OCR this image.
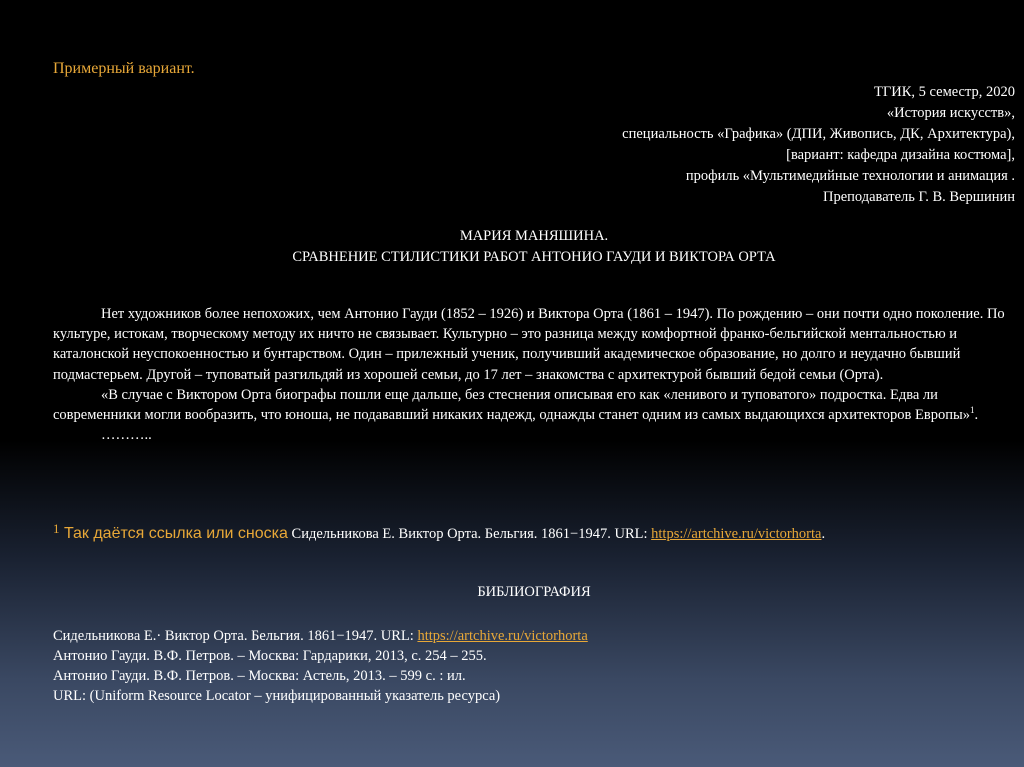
Примерный вариант.
ТГИК, 5 семестр, 2020
«История искусств»,
специальность «Графика» (ДПИ, Живопись, ДК, Архитектура),
[вариант: кафедра дизайна костюма],
профиль «Мультимедийные технологии и анимация .
Преподаватель Г. В. Вершинин
МАРИЯ МАНЯШИНА.
СРАВНЕНИЕ СТИЛИСТИКИ РАБОТ АНТОНИО ГАУДИ И ВИКТОРА ОРТА

Нет художников более непохожих, чем Антонио Гауди (1852 – 1926) и Виктора Орта (1861 – 1947). По рождению – они почти одно поколение. По культуре, истокам, творческому методу их ничто не связывает. Культурно – это разница между комфортной франко-бельгийской ментальностью и каталонской неуспокоенностью и бунтарством. Один – прилежный ученик, получивший академическое образование, но долго и неудачно бывший подмастерьем. Другой – туповатый разгильдяй из хорошей семьи, до 17 лет – знакомства с архитектурой бывший бедой семьи (Орта).

«В случае с Виктором Орта биографы пошли еще дальше, без стеснения описывая его как «ленивого и туповатого» подростка. Едва ли современники могли вообразить, что юноша, не подававший никаких надежд, однажды станет одним из самых выдающихся архитекторов Европы»$^1$.

………..

1 Так даётся ссылка или сноска Сидельникова Е. Виктор Орта. Бельгия. 1861−1947. URL: https://artchive.ru/victorhorta.
БИБЛИОГРАФИЯ
Сидельникова Е.· Виктор Орта. Бельгия. 1861−1947. URL: https://artchive.ru/victorhorta
Антонио Гауди. В.Ф. Петров. – Москва: Гардарики, 2013, с. 254 – 255.
Антонио Гауди. В.Ф. Петров. – Москва: Астель, 2013. – 599 с. : ил.
URL: (Uniform Resource Locator – унифицированный указатель ресурса)
